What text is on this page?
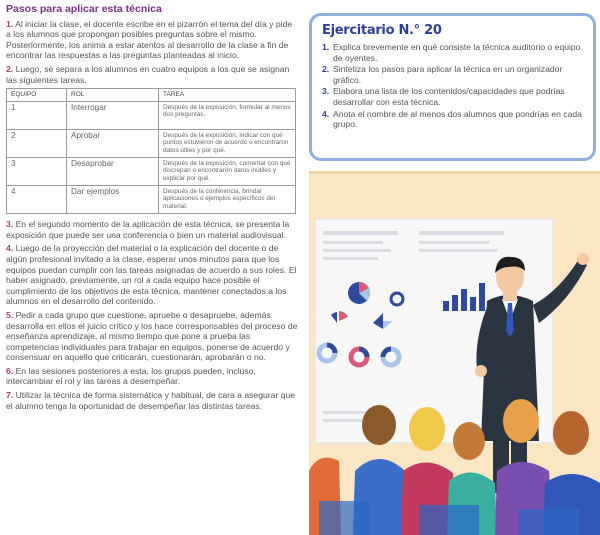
Pasos para aplicar esta técnica
1. Al iniciar la clase, el docente escribe en el pizarrón el tema del día y pide a los alumnos que propongan posibles preguntas sobre el mismo. Posteriormente, los anima a estar atentos al desarrollo de la clase a fin de encontrar las respuestas a las preguntas planteadas al inicio.
2. Luego, se separa a los alumnos en cuatro equipos a los que se asignan las siguientes tareas.
EQUIPO	ROL	TAREA
1	Interrogar	Después de la exposición, formular al menos dos preguntas.
2	Aprobar	Después de la exposición, indicar con qué puntos estuvieron de acuerdo o encontraron datos útiles y por qué.
3	Desaprobar	Después de la exposición, comentar con qué discrepan o encontraron datos inútiles y explicar por qué.
4	Dar ejemplos	Después de la conferencia, brindar aplicaciones o ejemplos específicos del material.
3. En el segundo momento de la aplicación de esta técnica, se presenta la exposición que puede ser una conferencia o bien un material audiovisual.
4. Luego de la proyección del material o la explicación del docente o de algún profesional invitado a la clase, esperar unos minutos para que los equipos puedan cumplir con las tareas asignadas de acuerdo a sus roles. El haber asignado, previamente, un rol a cada equipo hace posible el cumplimiento de los objetivos de esta técnica, mantener conectados a los alumnos en el desarrollo del contenido.
5. Pedir a cada grupo que cuestione, apruebe o desapruebe, además desarrolla en ellos el juicio crítico y los hace corresponsables del proceso de enseñanza aprendizaje, al mismo tiempo que pone a prueba las competencias individuales para trabajar en equipos, ponerse de acuerdo y consensuar en aquello que criticarán, cuestionarán, aprobarán o no.
6. En las sesiones posteriores a esta, los grupos pueden, incluso, intercambiar el rol y las tareas a desempeñar.
7. Utilizar la técnica de forma sistemática y habitual, de cara a asegurar que el alumno tenga la oportunidad de desempeñar las distintas tareas.
Ejercitario N.° 20
1. Explica brevemente en qué consiste la técnica auditorio o equipo de oyentes.
2. Sintetiza los pasos para aplicar la técnica en un organizador gráfico.
3. Elabora una lista de los contenidos/capacidades que podrías desarrollar con esta técnica.
4. Anota el nombre de al menos dos alumnos que pondrías en cada grupo.
